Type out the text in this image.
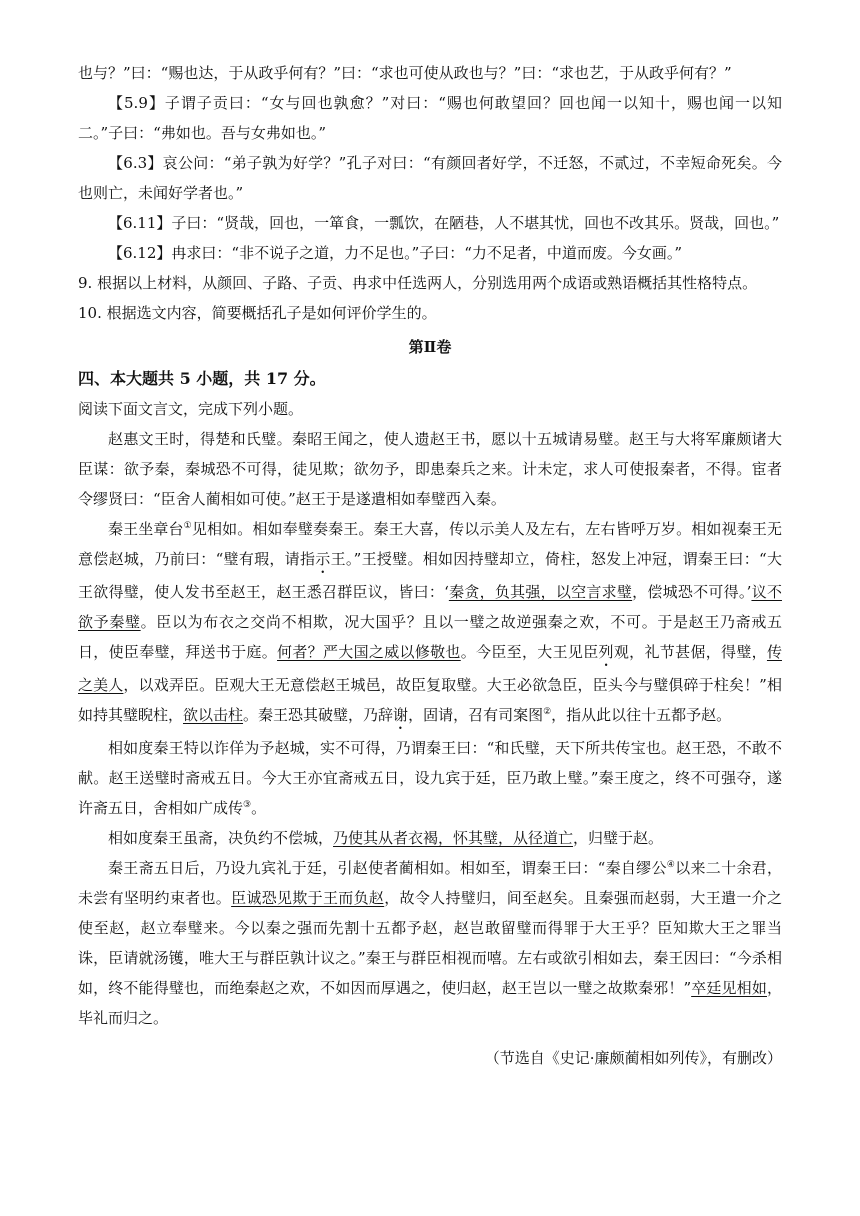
也与？”曰：“赐也达，于从政乎何有？”曰：“求也可使从政也与？”曰：“求也艺，于从政乎何有？”

【5.9】子谓子贡曰：“女与回也孰愈？”对曰：“赐也何敢望回？回也闻一以知十，赐也闻一以知二。”子曰：“弗如也。吾与女弗如也。”

【6.3】哀公问：“弟子孰为好学？”孔子对曰：“有颜回者好学，不迁怒，不贰过，不幸短命死矣。今也则亡，未闻好学者也。”

【6.11】子曰：“贤哉，回也，一箪食，一瓢饮，在陋巷，人不堪其忧，回也不改其乐。贤哉，回也。”

【6.12】冉求曰：“非不说子之道，力不足也。”子曰：“力不足者，中道而废。今女画。”

9. 根据以上材料，从颜回、子路、子贡、冉求中任选两人，分别选用两个成语或熟语概括其性格特点。

10. 根据选文内容，简要概括孔子是如何评价学生的。

第Ⅱ卷

四、本大题共 5 小题，共 17 分。

阅读下面文言文，完成下列小题。

赵惠文王时，得楚和氏璧。秦昭王闻之，使人遗赵王书，愿以十五城请易璧。赵王与大将军廉颇诸大臣谋：欲予秦，秦城恐不可得，徒见欺；欲勿予，即患秦兵之来。计未定，求人可使报秦者，不得。宦者令缪贤曰：“臣舍人蔺相如可使。”赵王于是遂遣相如奉璧西入秦。

秦王坐章台①见相如。相如奉璧奏秦王。秦王大喜，传以示美人及左右，左右皆呼万岁。相如视秦王无意偿赵城，乃前曰：“璧有瑕，请指示王。”王授璧。相如因持璧却立，倚柱，怒发上冲冠，谓秦王曰：“大王欲得璧，使人发书至赵王，赵王悉召群臣议，皆曰：‘秦贪，负其强，以空言求璧，偿城恐不可得。’议不欲予秦璧。臣以为布衣之交尚不相欺，况大国乎？且以一璧之故逆强秦之欢，不可。于是赵王乃斋戒五日，使臣奉璧，拜送书于庭。何者？严大国之威以修敬也。今臣至，大王见臣列观，礼节甚倨，得璧，传之美人，以戏弄臣。臣观大王无意偿赵王城邑，故臣复取璧。大王必欲急臣，臣头今与璧俱碎于柱矣！”相如持其璧睨柱，欲以击柱。秦王恐其破璧，乃辞谢，固请，召有司案图②，指从此以往十五都予赵。

相如度秦王特以诈佯为予赵城，实不可得，乃谓秦王曰：“和氏璧，天下所共传宝也。赵王恐，不敢不献。赵王送璧时斋戒五日。今大王亦宜斋戒五日，设九宾于廷，臣乃敢上璧。”秦王度之，终不可强夺，遂许斋五日，舍相如广成传③。

相如度秦王虽斋，决负约不偿城，乃使其从者衣褐，怀其璧，从径道亡，归璧于赵。

秦王斋五日后，乃设九宾礼于廷，引赵使者蔺相如。相如至，谓秦王曰：“秦自缪公④以来二十余君，未尝有坚明约束者也。臣诚恐见欺于王而负赵，故令人持璧归，间至赵矣。且秦强而赵弱，大王遣一介之使至赵，赵立奉璧来。今以秦之强而先割十五都予赵，赵岂敢留璧而得罪于大王乎？臣知欺大王之罪当诛，臣请就汤镬，唯大王与群臣孰计议之。”秦王与群臣相视而嘻。左右或欲引相如去，秦王因曰：“今杀相如，终不能得璧也，而绝秦赵之欢，不如因而厚遇之，使归赵，赵王岂以一璧之故欺秦邪！”卒廷见相如，毕礼而归之。

（节选自《史记·廉颇蔺相如列传》，有删改）
